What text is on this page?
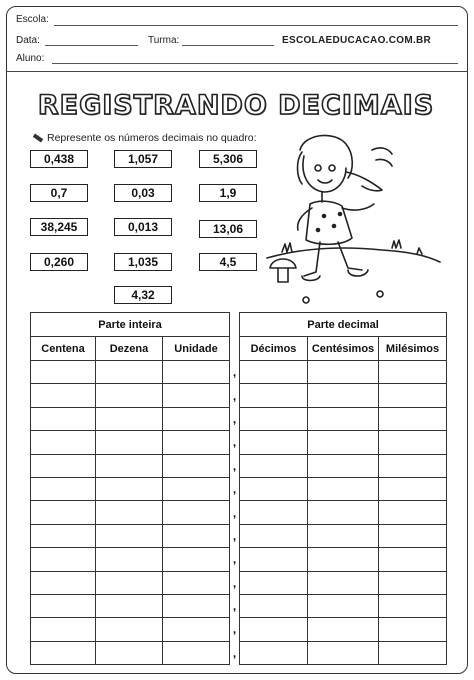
Escola:
Data:	Turma:	ESCOLAEDUCACAO.COM.BR
Aluno:
REGISTRANDO DECIMAIS
Represente os números decimais no quadro:
0,438	1,057	5,306
0,7	0,03	1,9
38,245	0,013	13,06
0,260	1,035	4,5
4,32
Parte inteira				Parte decimal		
Centena	Dezena	Unidade		Décimos	Centésimos	Milésimos
			,			
			,			
			,			
			,			
			,			
			,			
			,			
			,			
			,			
			,			
			,			
			,			
			,			
